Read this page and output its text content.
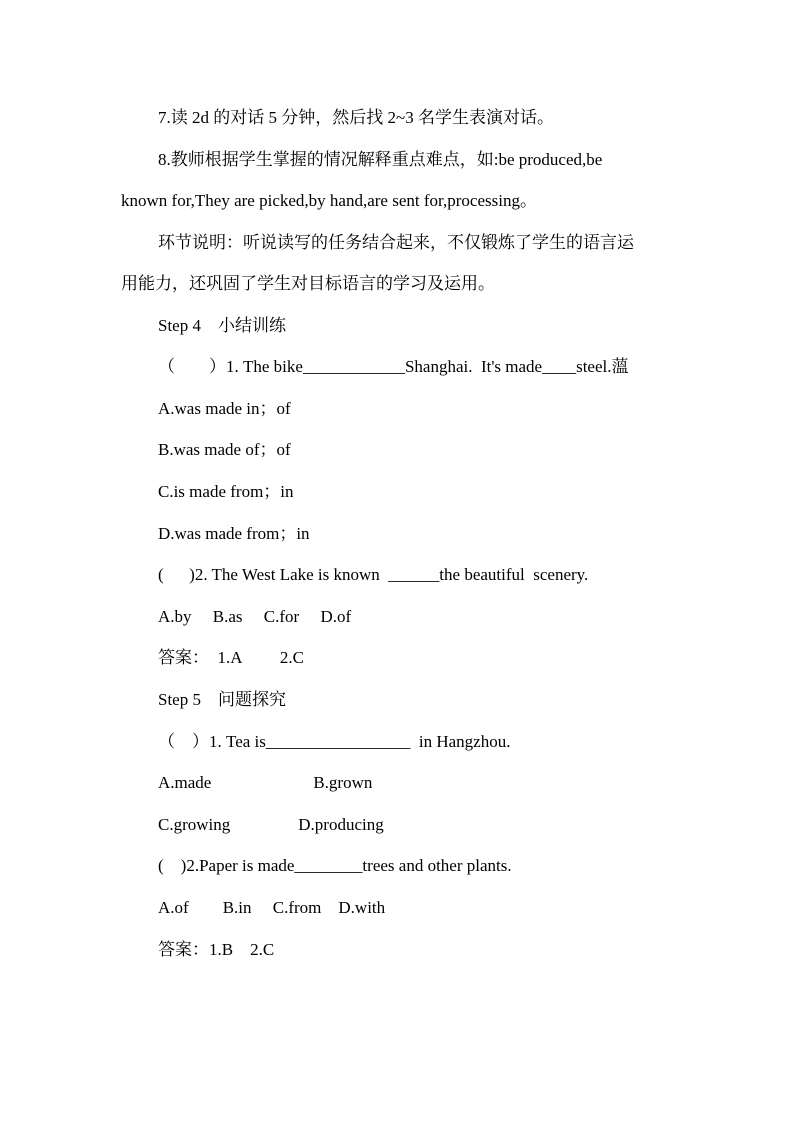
7.读 2d 的对话 5 分钟，然后找 2~3 名学生表演对话。
8.教师根据学生掌握的情况解释重点难点，如:be produced,be
known for,They are picked,by hand,are sent for,processing。
环节说明：听说读写的任务结合起来，不仅锻炼了学生的语言运
用能力，还巩固了学生对目标语言的学习及运用。
Step 4　小结训练
（　　）1. The bike____________Shanghai.  It's made____steel.薀
A.was made in；of
B.was made of；of
C.is made from；in
D.was made from；in
(　  )2. The West Lake is known  ______the beautiful  scenery.
A.by　 B.as　 C.for　 D.of
答案：  1.A　　 2.C
Step 5　问题探究
（　）1. Tea is_________________  in Hangzhou.
A.made　　　　　　B.grown
C.growing　　　　D.producing
(　)2.Paper is made________trees and other plants.
A.of　　B.in　 C.from　D.with
答案：1.B　2.C
